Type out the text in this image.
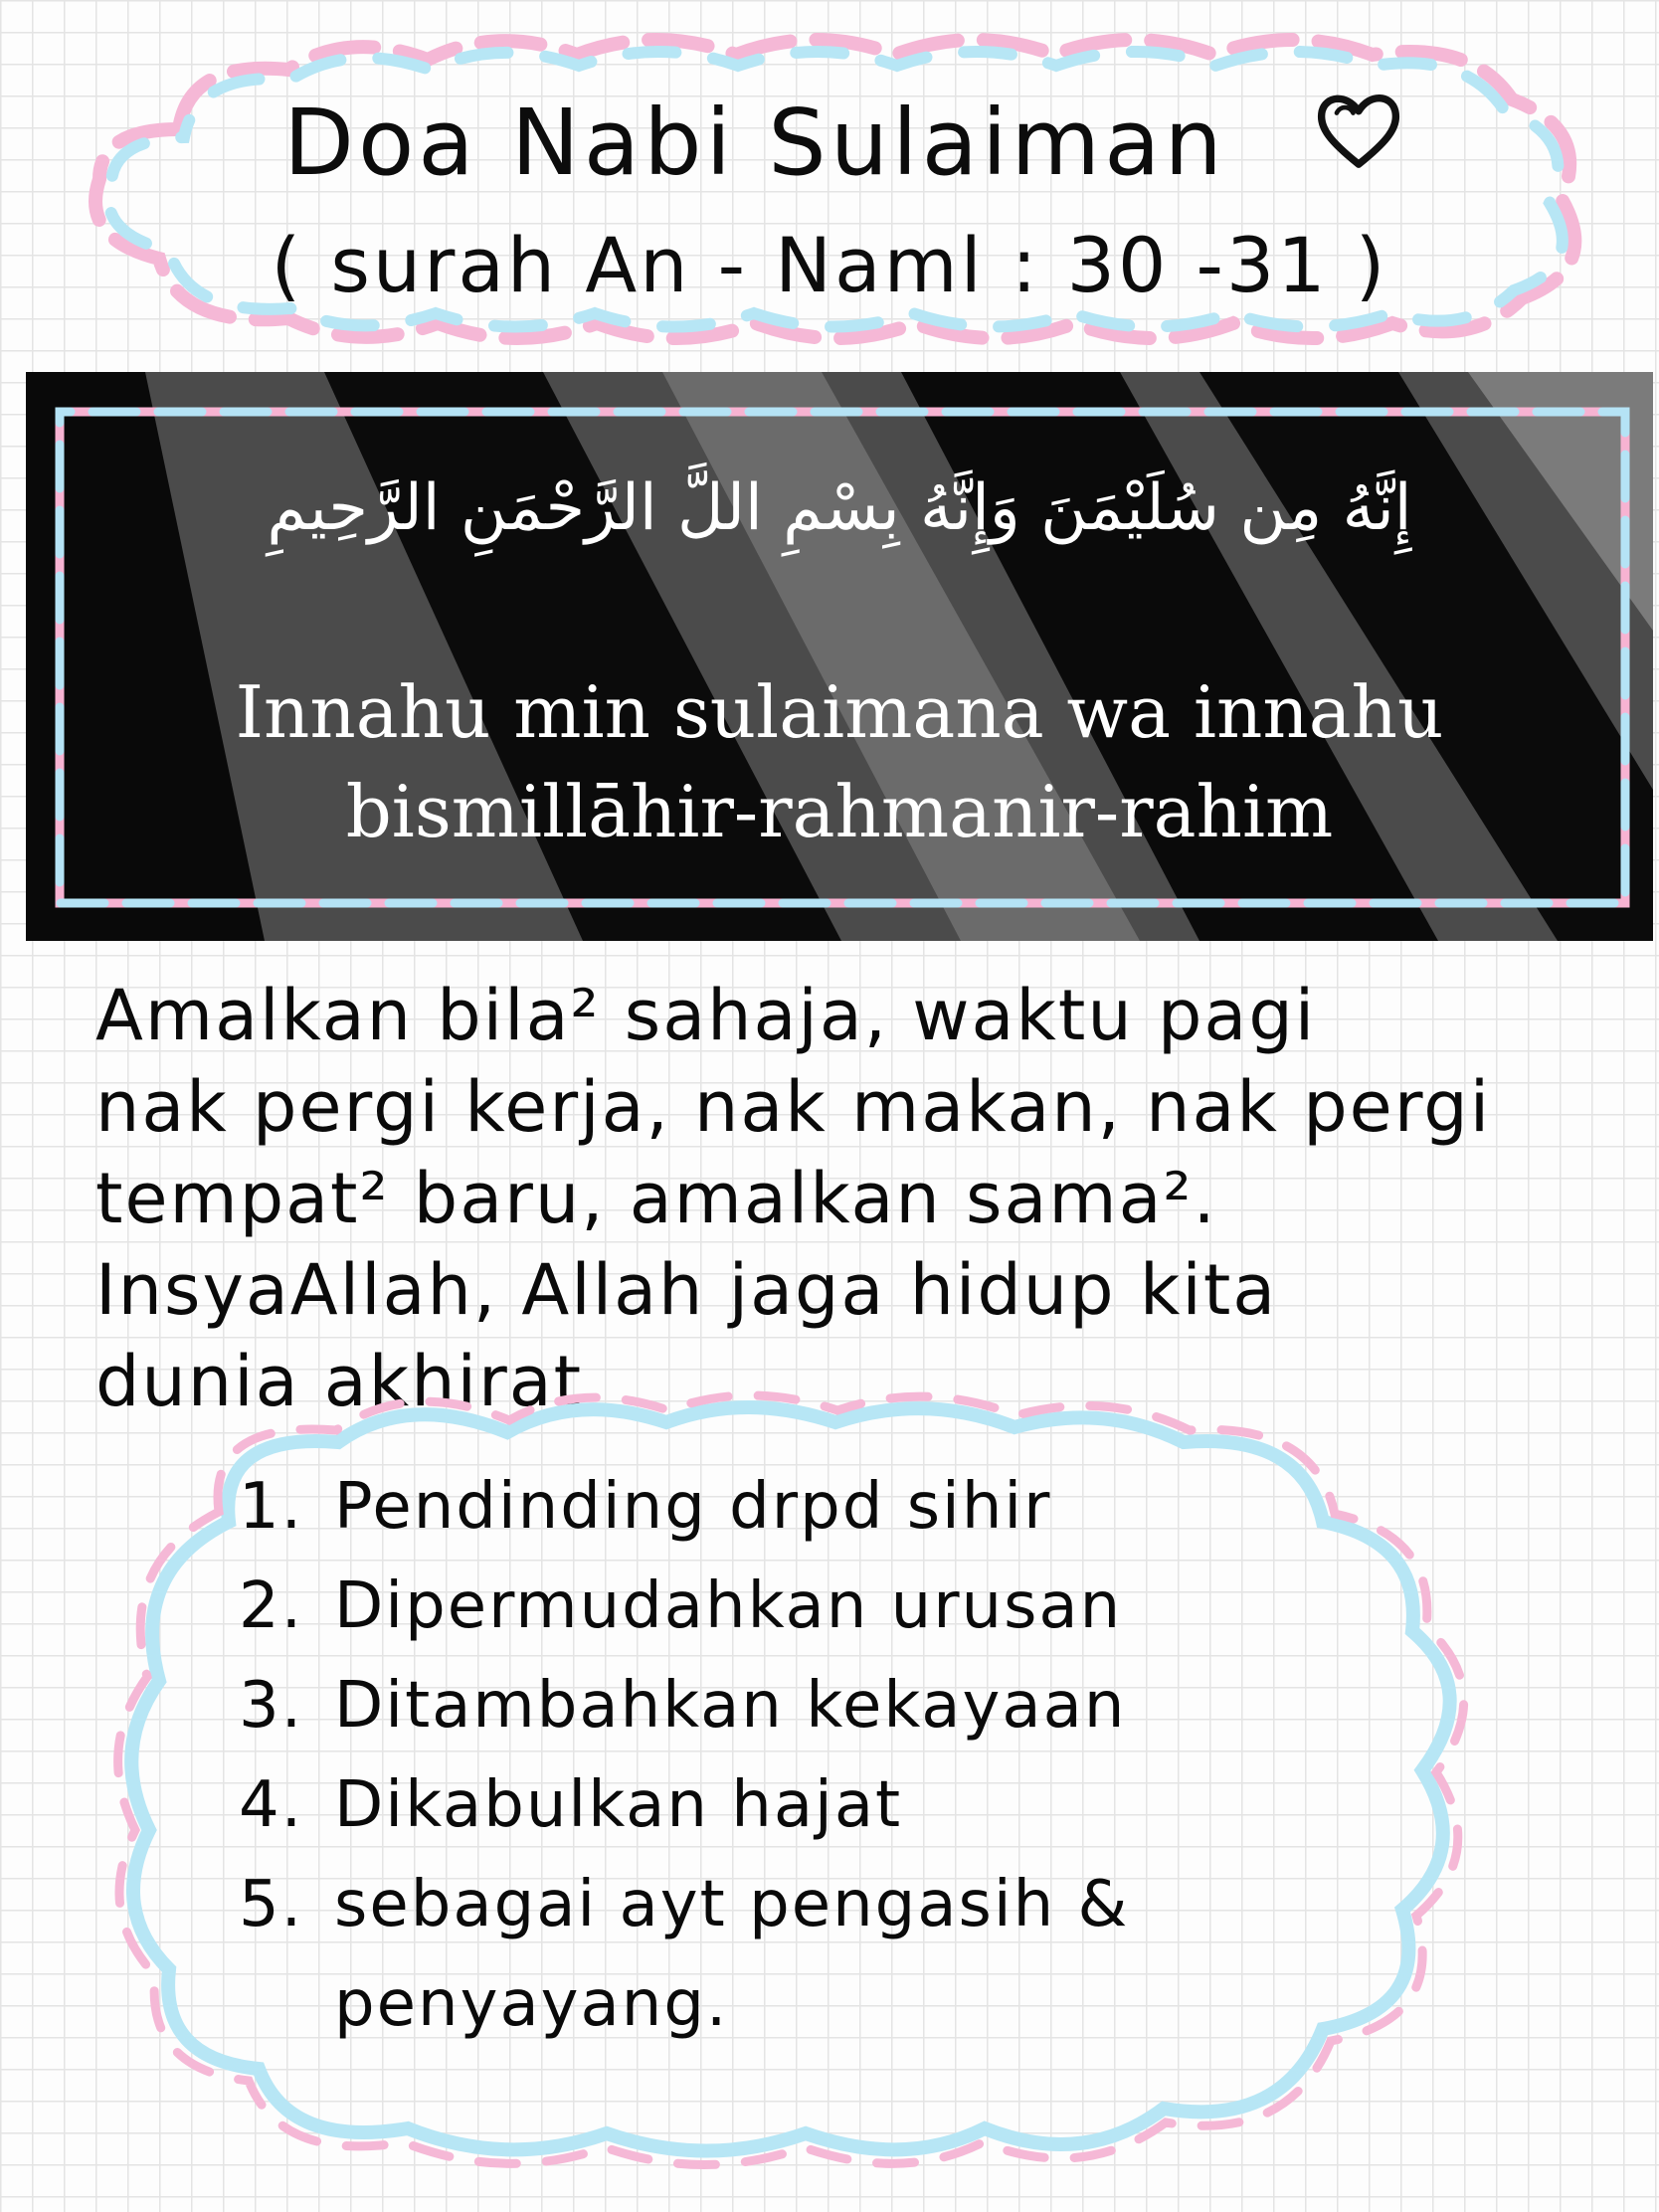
Doa Nabi Sulaiman
( surah An - Naml : 30 -31 )
إِنَّهُ مِن سُلَيْمَنَ وَإِنَّهُ بِسْمِ اللَّ الرَّحْمَنِ الرَّحِيمِ
Innahu min sulaimana wa innahu
bismillāhir-rahmanir-rahim
Amalkan bila² sahaja, waktu pagi
nak pergi kerja, nak makan, nak pergi
tempat² baru, amalkan sama².
InsyaAllah, Allah jaga hidup kita
dunia akhirat
1. Pendinding drpd sihir
2. Dipermudahkan urusan
3. Ditambahkan kekayaan
4. Dikabulkan hajat
5. sebagai ayt pengasih &
penyayang.
